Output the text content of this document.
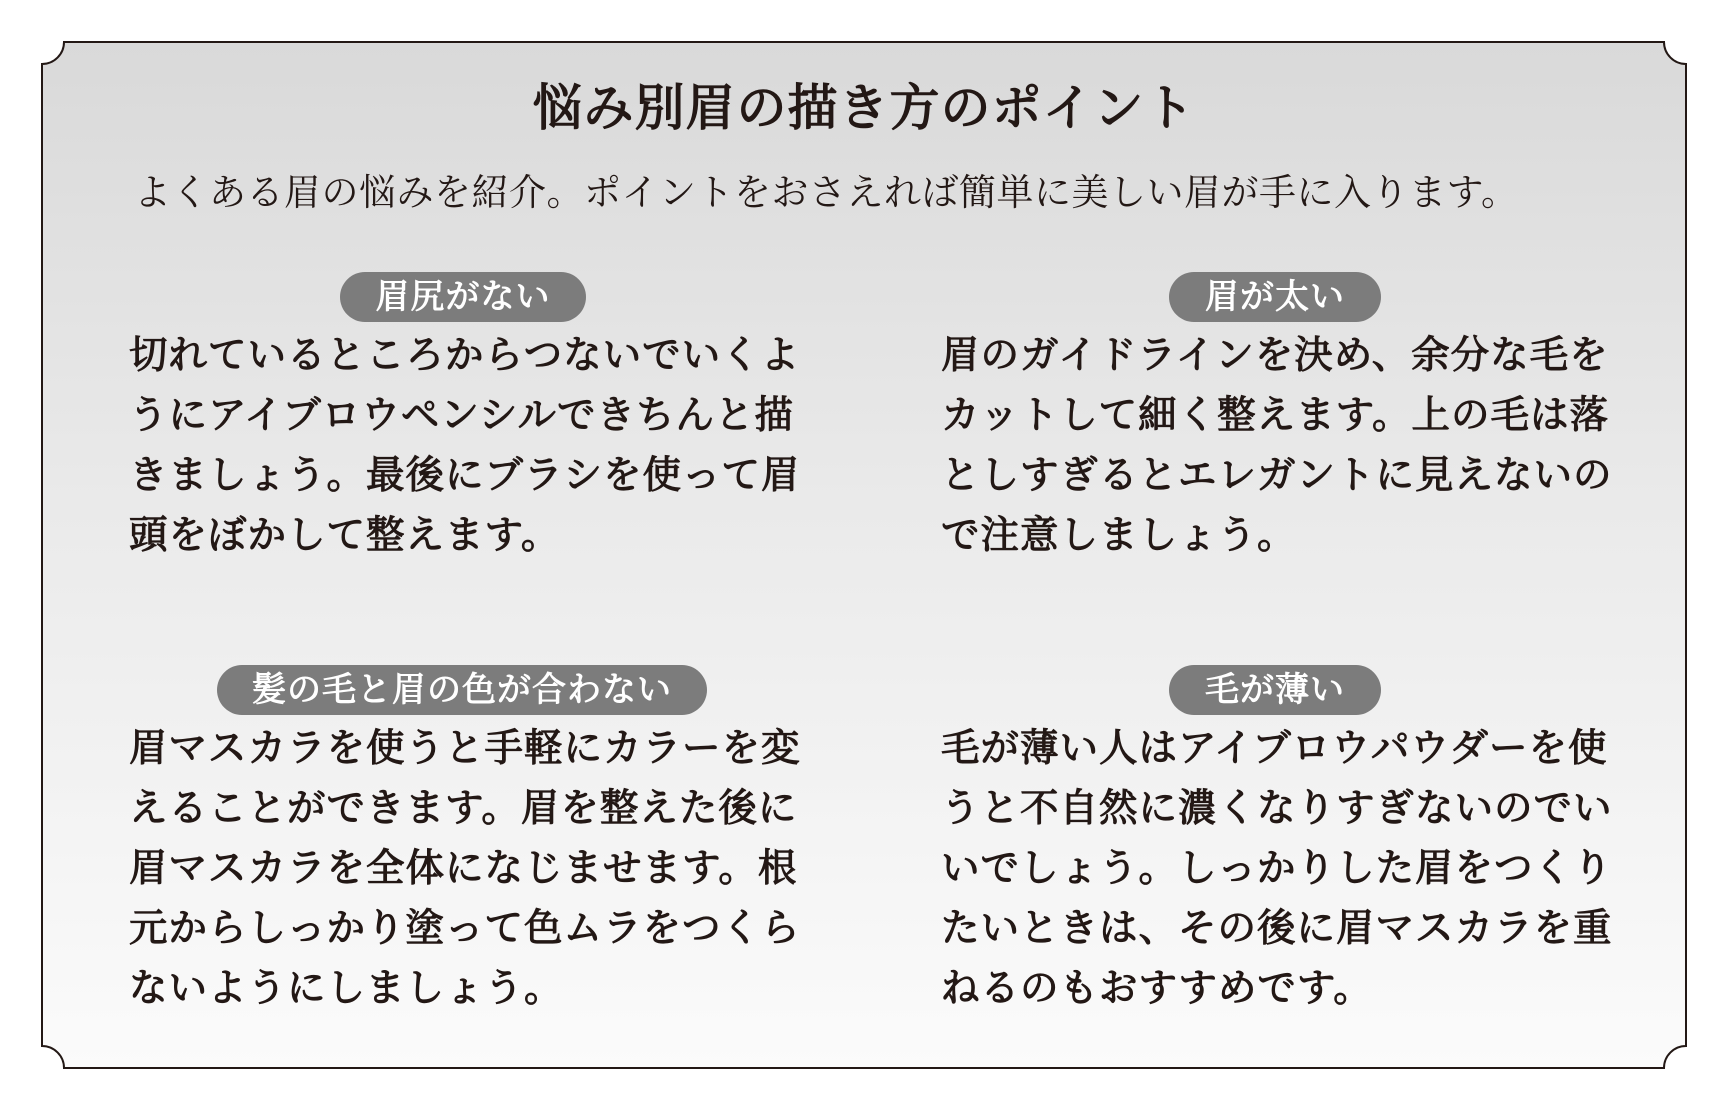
悩み別眉の描き方のポイント
よくある眉の悩みを紹介。ポイントをおさえれば簡単に美しい眉が手に入ります。
眉尻がない
切れているところからつないでいくよ
うにアイブロウペンシルできちんと描
きましょう。最後にブラシを使って眉
頭をぼかして整えます。
眉が太い
眉のガイドラインを決め、余分な毛を
カットして細く整えます。上の毛は落
としすぎるとエレガントに見えないの
で注意しましょう。
髪の毛と眉の色が合わない
眉マスカラを使うと手軽にカラーを変
えることができます。眉を整えた後に
眉マスカラを全体になじませます。根
元からしっかり塗って色ムラをつくら
ないようにしましょう。
毛が薄い
毛が薄い人はアイブロウパウダーを使
うと不自然に濃くなりすぎないのでい
いでしょう。しっかりした眉をつくり
たいときは、その後に眉マスカラを重
ねるのもおすすめです。
